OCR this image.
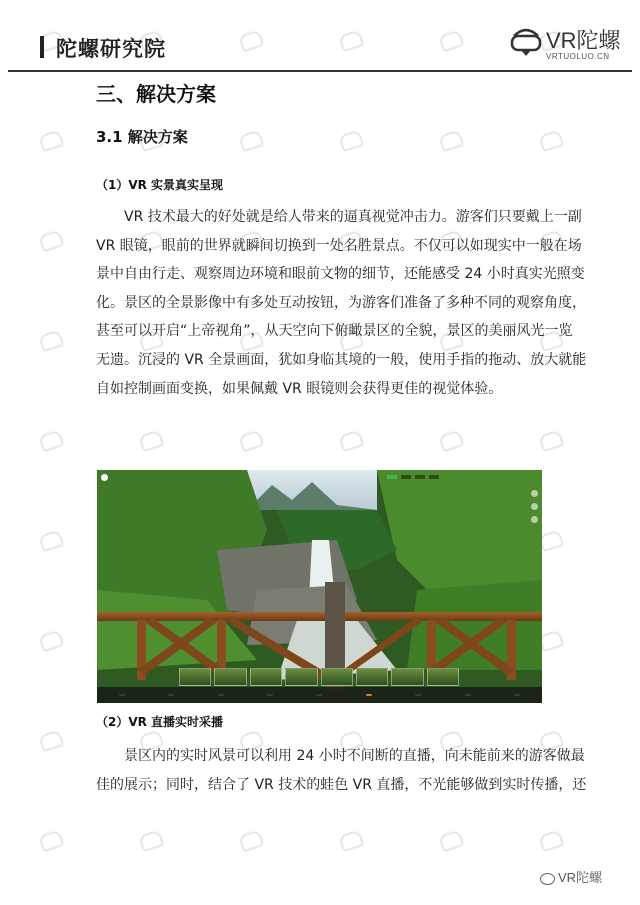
陀螺研究院	VR陀螺
VRTUOLUO.CN
三、解决方案
3.1 解决方案
（1）VR 实景真实呈现

　　VR 技术最大的好处就是给人带来的逼真视觉冲击力。游客们只要戴上一副
VR 眼镜，眼前的世界就瞬间切换到一处名胜景点。不仅可以如现实中一般在场
景中自由行走、观察周边环境和眼前文物的细节，还能感受 24 小时真实光照变
化。景区的全景影像中有多处互动按钮，为游客们准备了多种不同的观察角度，
甚至可以开启“上帝视角”，从天空向下俯瞰景区的全貌，景区的美丽风光一览
无遗。沉浸的 VR 全景画面，犹如身临其境的一般，使用手指的拖动、放大就能
自如控制画面变换，如果佩戴 VR 眼镜则会获得更佳的视觉体验。

（2）VR 直播实时采播

　　景区内的实时风景可以利用 24 小时不间断的直播，向未能前来的游客做最
佳的展示；同时，结合了 VR 技术的蛙色 VR 直播，不光能够做到实时传播，还

VR陀螺
